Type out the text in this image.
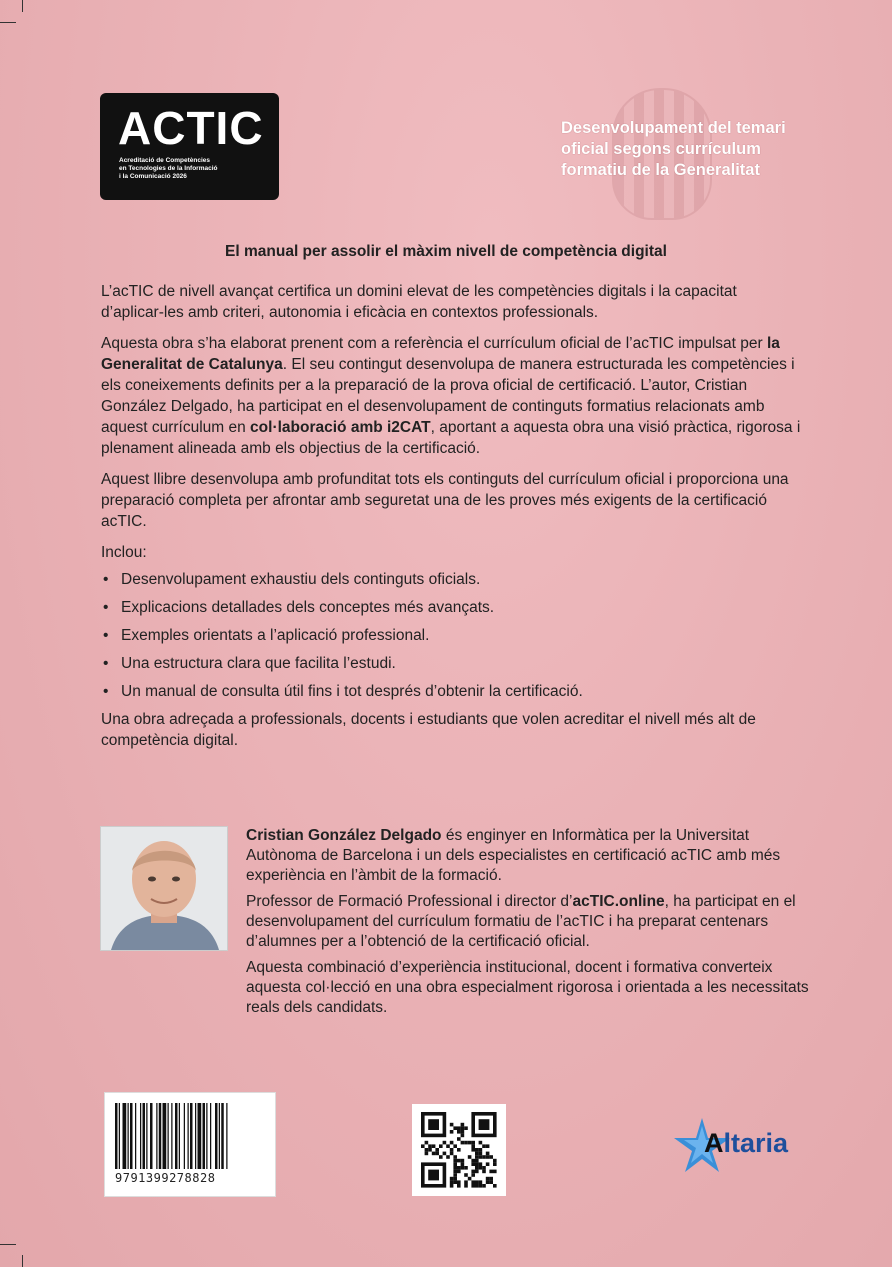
ACTIC
Acreditació de Competències
en Tecnologies de la Informació
i la Comunicació 2026
Desenvolupament del temari
oficial segons currículum
formatiu de la Generalitat
El manual per assolir el màxim nivell de competència digital

L’acTIC de nivell avançat certifica un domini elevat de les competències digitals i la capacitat d’aplicar-les amb criteri, autonomia i eficàcia en contextos professionals.

Aquesta obra s’ha elaborat prenent com a referència el currículum oficial de l’acTIC impulsat per la Generalitat de Catalunya. El seu contingut desenvolupa de manera estructurada les competències i els coneixements definits per a la preparació de la prova oficial de certificació. L’autor, Cristian González Delgado, ha participat en el desenvolupament de continguts formatius relacionats amb aquest currículum en col·laboració amb i2CAT, aportant a aquesta obra una visió pràctica, rigorosa i plenament alineada amb els objectius de la certificació.

Aquest llibre desenvolupa amb profunditat tots els continguts del currículum oficial i proporciona una preparació completa per afrontar amb seguretat una de les proves més exigents de la certificació acTIC.

Inclou:
• Desenvolupament exhaustiu dels continguts oficials.
• Explicacions detallades dels conceptes més avançats.
• Exemples orientats a l’aplicació professional.
• Una estructura clara que facilita l’estudi.
• Un manual de consulta útil fins i tot després d’obtenir la certificació.

Una obra adreçada a professionals, docents i estudiants que volen acreditar el nivell més alt de competència digital.

Cristian González Delgado és enginyer en Informàtica per la Universitat Autònoma de Barcelona i un dels especialistes en certificació acTIC amb més experiència en l’àmbit de la formació.

Professor de Formació Professional i director d’acTIC.online, ha participat en el desenvolupament del currículum formatiu de l’acTIC i ha preparat centenars d’alumnes per a l’obtenció de la certificació oficial.

Aquesta combinació d’experiència institucional, docent i formativa converteix aquesta col·lecció en una obra especialment rigorosa i orientada a les necessitats reals dels candidats.

9791399278828
Altaria
